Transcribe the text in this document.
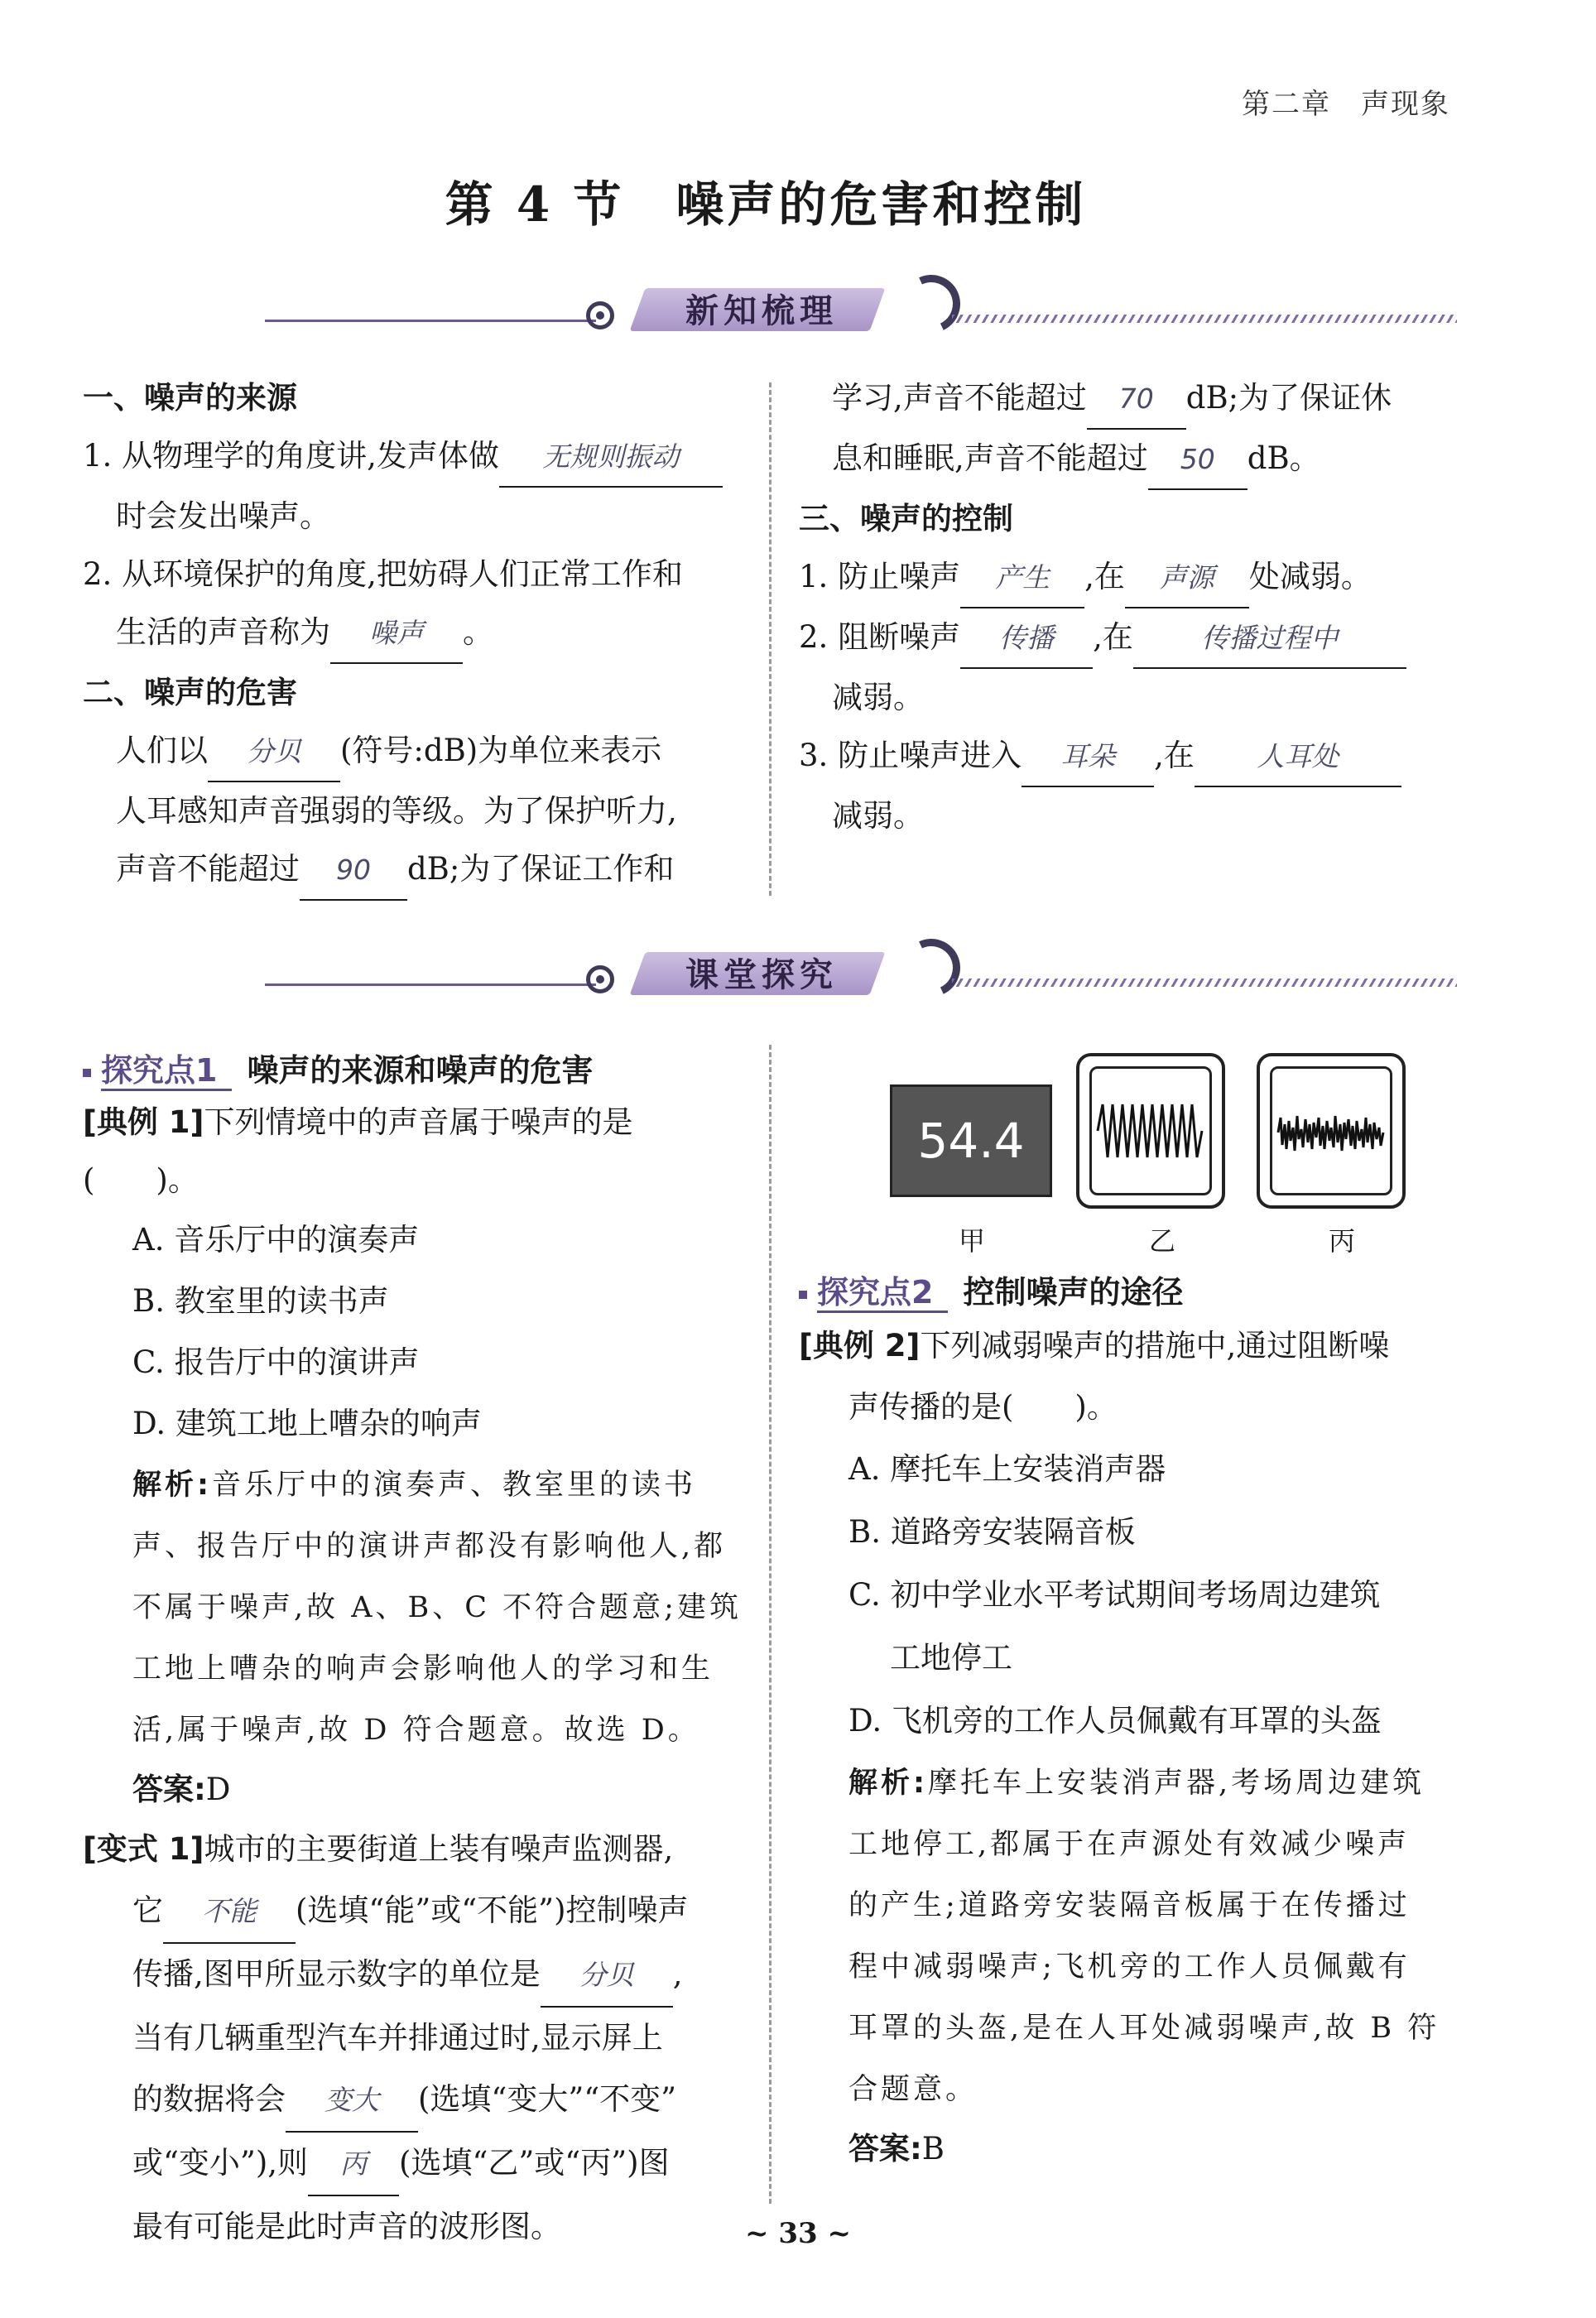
第二章　声现象
第 4 节　噪声的危害和控制
新知梳理
一、噪声的来源
1. 从物理学的角度讲,发声体做 无规则振动
时会发出噪声。
2. 从环境保护的角度,把妨碍人们正常工作和
生活的声音称为 噪声 。
二、噪声的危害
人们以 分贝 (符号:dB)为单位来表示
人耳感知声音强弱的等级。为了保护听力,
声音不能超过 90 dB;为了保证工作和
学习,声音不能超过 70 dB;为了保证休
息和睡眠,声音不能超过 50 dB。
三、噪声的控制
1. 防止噪声 产生 ,在 声源 处减弱。
2. 阻断噪声 传播 ,在	传播过程中
减弱。
3. 防止噪声进入 耳朵 ,在 人耳处
减弱。
课堂探究
探究点1 噪声的来源和噪声的危害
[典例 1]下列情境中的声音属于噪声的是(　　)。
A. 音乐厅中的演奏声
B. 教室里的读书声
C. 报告厅中的演讲声
D. 建筑工地上嘈杂的响声
解析:音乐厅中的演奏声、教室里的读书
声、报告厅中的演讲声都没有影响他人,都
不属于噪声,故 A、B、C 不符合题意;建筑
工地上嘈杂的响声会影响他人的学习和生
活,属于噪声,故 D 符合题意。故选 D。
答案:D
[变式 1]城市的主要街道上装有噪声监测器,
它 不能 (选填“能”或“不能”)控制噪声
传播,图甲所显示数字的单位是 分贝 ,
当有几辆重型汽车并排通过时,显示屏上
的数据将会 变大 (选填“变大”“不变”
或“变小”),则 丙 (选填“乙”或“丙”)图
最有可能是此时声音的波形图。
54.4
甲	乙	丙
探究点2 控制噪声的途径
[典例 2]下列减弱噪声的措施中,通过阻断噪
声传播的是(　　)。
A. 摩托车上安装消声器
B. 道路旁安装隔音板
C. 初中学业水平考试期间考场周边建筑
工地停工
D. 飞机旁的工作人员佩戴有耳罩的头盔
解析:摩托车上安装消声器,考场周边建筑
工地停工,都属于在声源处有效减少噪声
的产生;道路旁安装隔音板属于在传播过
程中减弱噪声;飞机旁的工作人员佩戴有
耳罩的头盔,是在人耳处减弱噪声,故 B 符
合题意。
答案:B
~ 33 ~
